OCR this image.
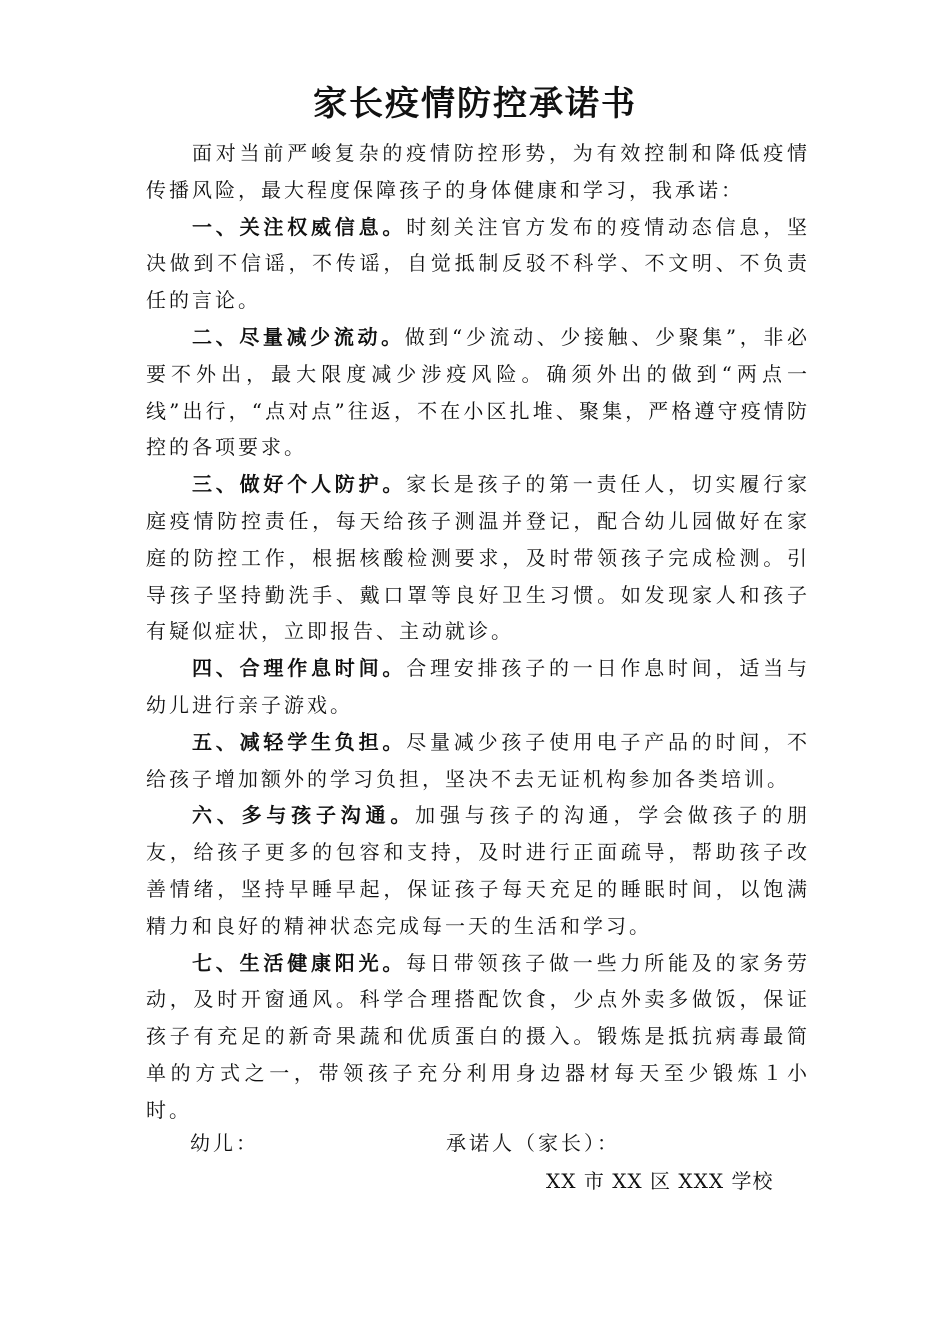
家长疫情防控承诺书

面对当前严峻复杂的疫情防控形势，为有效控制和降低疫情传播风险，最大程度保障孩子的身体健康和学习，我承诺：

一、关注权威信息。时刻关注官方发布的疫情动态信息，坚决做到不信谣，不传谣，自觉抵制反驳不科学、不文明、不负责任的言论。

二、尽量减少流动。做到“少流动、少接触、少聚集”，非必要不外出，最大限度减少涉疫风险。确须外出的做到“两点一线”出行，“点对点”往返，不在小区扎堆、聚集，严格遵守疫情防控的各项要求。

三、做好个人防护。家长是孩子的第一责任人，切实履行家庭疫情防控责任，每天给孩子测温并登记，配合幼儿园做好在家庭的防控工作，根据核酸检测要求，及时带领孩子完成检测。引导孩子坚持勤洗手、戴口罩等良好卫生习惯。如发现家人和孩子有疑似症状，立即报告、主动就诊。

四、合理作息时间。合理安排孩子的一日作息时间，适当与幼儿进行亲子游戏。

五、减轻学生负担。尽量减少孩子使用电子产品的时间，不给孩子增加额外的学习负担，坚决不去无证机构参加各类培训。

六、多与孩子沟通。加强与孩子的沟通，学会做孩子的朋友，给孩子更多的包容和支持，及时进行正面疏导，帮助孩子改善情绪，坚持早睡早起，保证孩子每天充足的睡眠时间，以饱满精力和良好的精神状态完成每一天的生活和学习。

七、生活健康阳光。每日带领孩子做一些力所能及的家务劳动，及时开窗通风。科学合理搭配饮食，少点外卖多做饭，保证孩子有充足的新奇果蔬和优质蛋白的摄入。锻炼是抵抗病毒最简单的方式之一，带领孩子充分利用身边器材每天至少锻炼１小时。

幼儿：	承诺人（家长）：
XX 市 XX 区 XXX 学校
